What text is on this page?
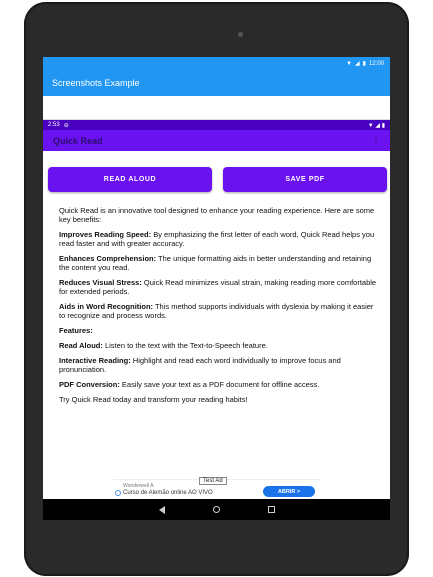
▼ ◢ ▮ 12:00
Screenshots Example
2:53 ⊖	▼ ◢ ▮
Quick Read	⋮
READ ALOUD	SAVE PDF

Quick Read is an innovative tool designed to enhance your reading experience. Here are some key benefits:

Improves Reading Speed: By emphasizing the first letter of each word, Quick Read helps you read faster and with greater accuracy.

Enhances Comprehension: The unique formatting aids in better understanding and retaining the content you read.

Reduces Visual Stress: Quick Read minimizes visual strain, making reading more comfortable for extended periods.

Aids in Word Recognition: This method supports individuals with dyslexia by making it easier to recognize and process words.

Features:

Read Aloud: Listen to the text with the Text-to-Speech feature.

Interactive Reading: Highlight and read each word individually to improve focus and pronunciation.

PDF Conversion: Easily save your text as a PDF document for offline access.

Try Quick Read today and transform your reading habits!

Test Ad
Wonderwell A
Curso de Alemão online AO VIVO	ABRIR >
